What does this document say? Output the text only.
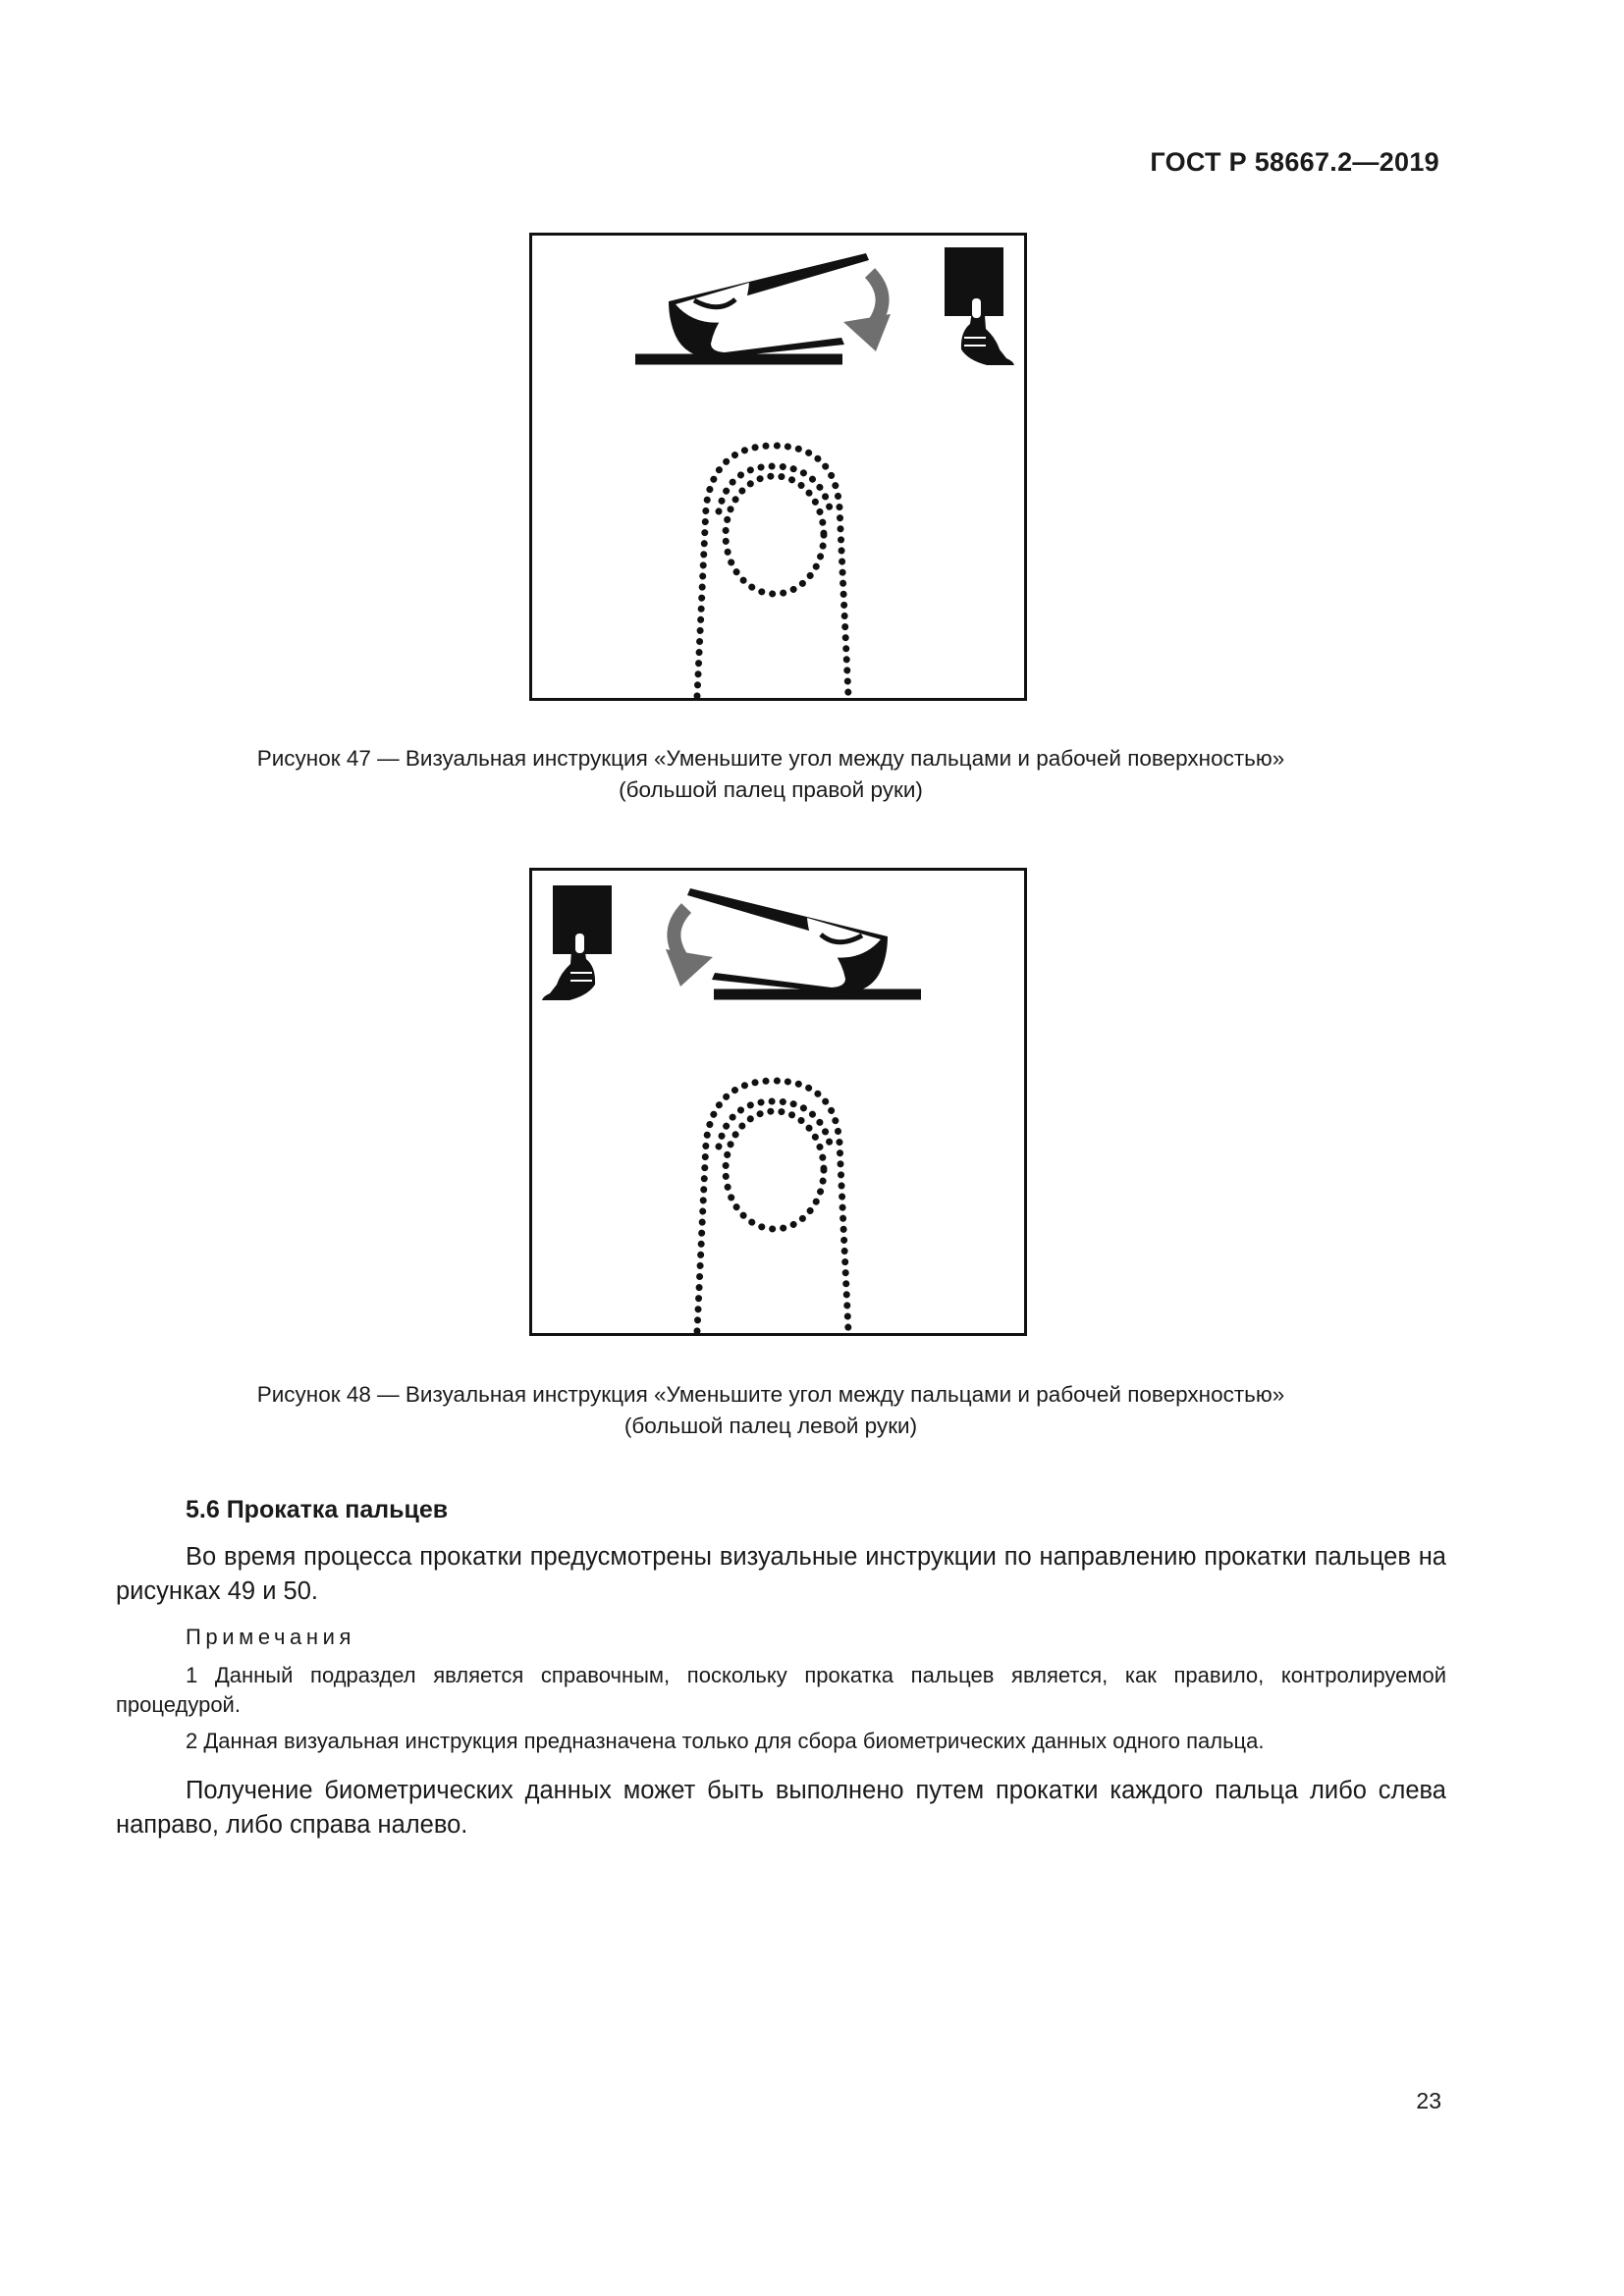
ГОСТ Р 58667.2—2019
Рисунок 47 — Визуальная инструкция «Уменьшите угол между пальцами и рабочей поверхностью»
(большой палец правой руки)
Рисунок 48 — Визуальная инструкция «Уменьшите угол между пальцами и рабочей поверхностью»
(большой палец левой руки)
5.6 Прокатка пальцев
Во время процесса прокатки предусмотрены визуальные инструкции по направлению прокатки пальцев на рисунках 49 и 50.
Примечания
1 Данный подраздел является справочным, поскольку прокатка пальцев является, как правило, контролируемой процедурой.
2 Данная визуальная инструкция предназначена только для сбора биометрических данных одного пальца.
Получение биометрических данных может быть выполнено путем прокатки каждого пальца либо слева направо, либо справа налево.
23
